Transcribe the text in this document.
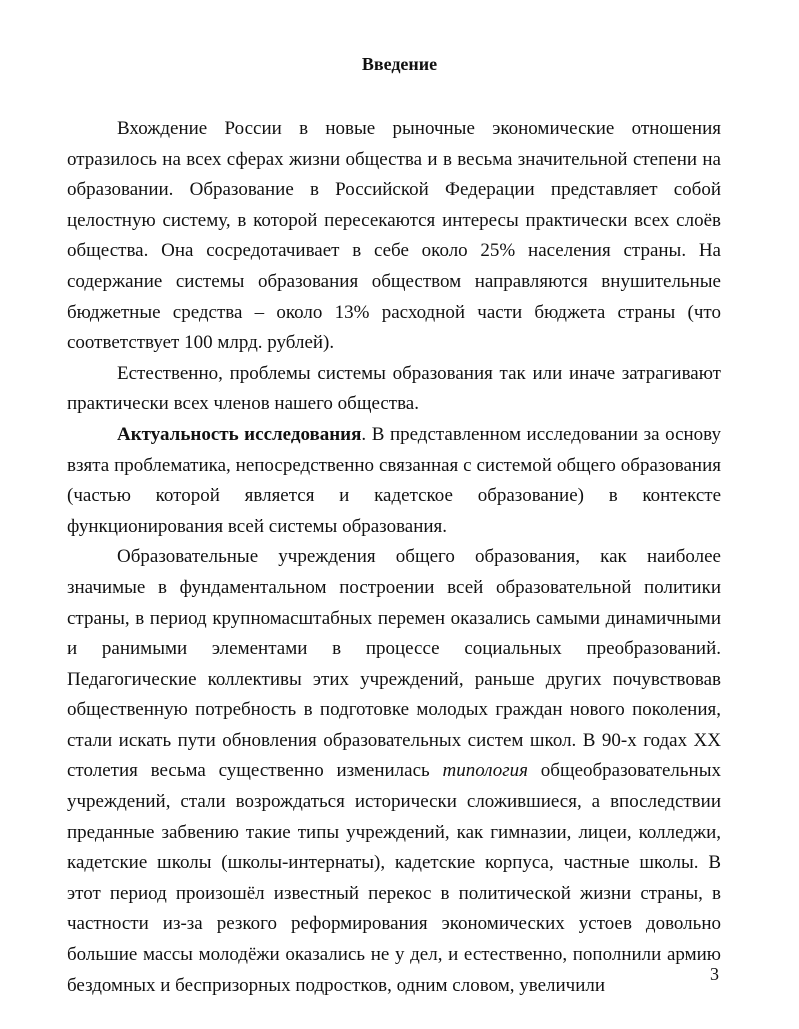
Введение

Вхождение России в новые рыночные экономические отношения отразилось на всех сферах жизни общества и в весьма значительной степени на образовании. Образование в Российской Федерации представляет собой целостную систему, в которой пересекаются интересы практически всех слоёв общества. Она сосредотачивает в себе около 25% населения страны. На содержание системы образования обществом направляются внушительные бюджетные средства – около 13% расходной части бюджета страны (что соответствует 100 млрд. рублей).

Естественно, проблемы системы образования так или иначе затрагивают практически всех членов нашего общества.

Актуальность исследования. В представленном исследовании за основу взята проблематика, непосредственно связанная с системой общего образования (частью которой является и кадетское образование) в контексте функционирования всей системы образования.

Образовательные учреждения общего образования, как наиболее значимые в фундаментальном построении всей образовательной политики страны, в период крупномасштабных перемен оказались самыми динамичными и ранимыми элементами в процессе социальных преобразований. Педагогические коллективы этих учреждений, раньше других почувствовав общественную потребность в подготовке молодых граждан нового поколения, стали искать пути обновления образовательных систем школ. В 90-х годах XX столетия весьма существенно изменилась типология общеобразовательных учреждений, стали возрождаться исторически сложившиеся, а впоследствии преданные забвению такие типы учреждений, как гимназии, лицеи, колледжи, кадетские школы (школы-интернаты), кадетские корпуса, частные школы. В этот период произошёл известный перекос в политической жизни страны, в частности из-за резкого реформирования экономических устоев довольно большие массы молодёжи оказались не у дел, и естественно, пополнили армию бездомных и беспризорных подростков, одним словом, увеличили

3
